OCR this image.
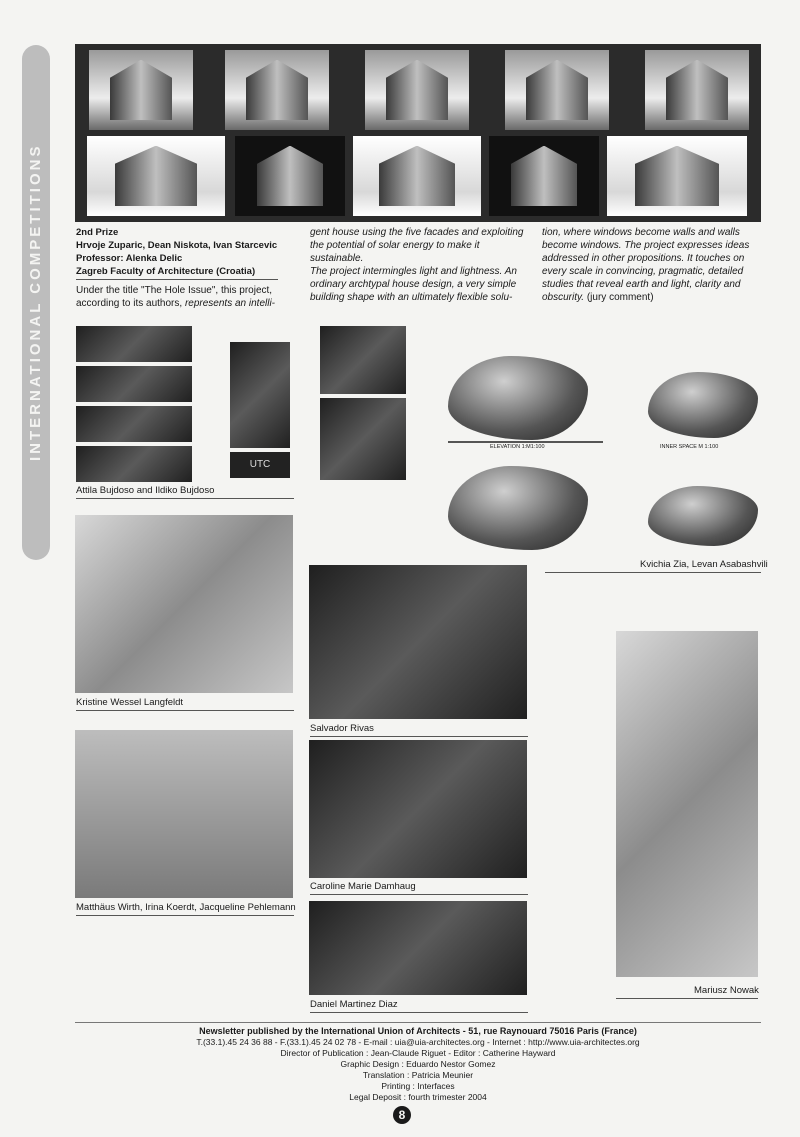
INTERNATIONAL COMPETITIONS	2nd Prize
Hrvoje Zuparic, Dean Niskota, Ivan Starcevic
Professor: Alenka Delic
Zagreb Faculty of Architecture (Croatia)
Under the title "The Hole Issue", this project, according to its authors, represents an intelli-
gent house using the five facades and exploiting the potential of solar energy to make it sustainable.
The project intermingles light and lightness. An ordinary archtypal house design, a very simple building shape with an ultimately flexible solu-
tion, where windows become walls and walls become windows. The project expresses ideas addressed in other propositions. It touches on every scale in convincing, pragmatic, detailed studies that reveal earth and light, clarity and obscurity. (jury comment)
UTC
Attila Bujdoso and Ildiko Bujdoso
ELEVATION 1:M1:100	INNER SPACE M 1:100
Kvichia Zia, Levan Asabashvili
Kristine Wessel Langfeldt
Salvador Rivas
Matthäus Wirth, Irina Koerdt, Jacqueline Pehlemann
Caroline Marie Damhaug
Daniel Martinez Diaz
Mariusz Nowak
Newsletter published by the International Union of Architects - 51, rue Raynouard 75016 Paris (France)
T.(33.1).45 24 36 88 - F.(33.1).45 24 02 78 - E-mail : uia@uia-architectes.org - Internet : http://www.uia-architectes.org
Director of Publication : Jean-Claude Riguet - Editor : Catherine Hayward
Graphic Design : Eduardo Nestor Gomez
Translation : Patricia Meunier
Printing : Interfaces
Legal Deposit : fourth trimester 2004
8
